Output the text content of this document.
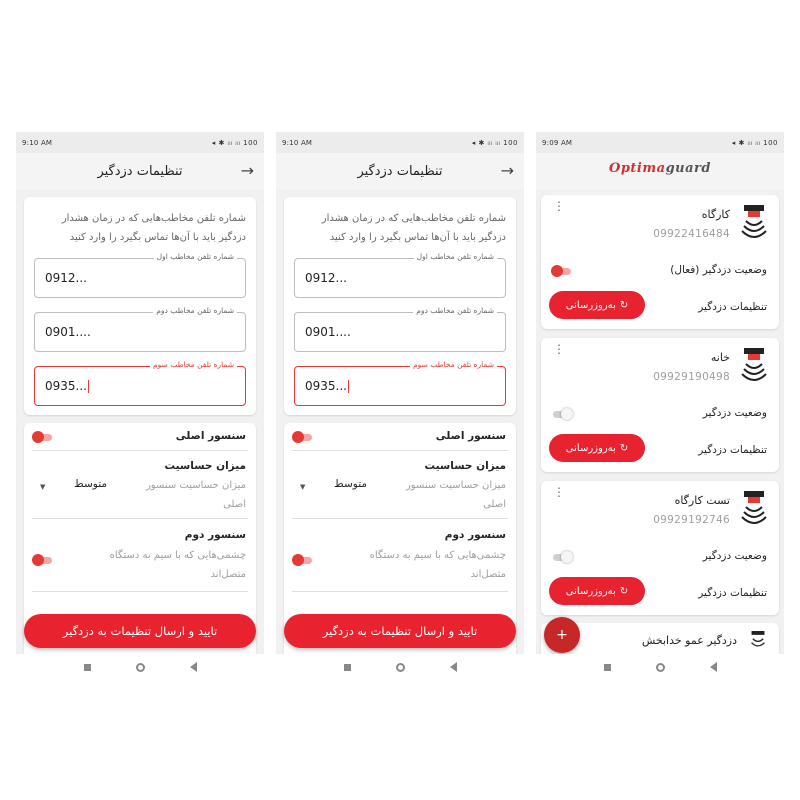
9:10 AM	◂ ✱ ᵢₗₗ ᵢₗₗ 100
تنظیمات دزدگیر	→
شماره تلفن مخاطب‌هایی که در زمان هشدار دزدگیر باید با آن‌ها تماس بگیرد را وارد کنید
شماره تلفن مخاطب اول
0912...
شماره تلفن مخاطب دوم
0901....
شماره تلفن مخاطب سوم
0935...
سنسور اصلی
میزان حساسیت
میزان حساسیت سنسور اصلی
متوسط
▼
سنسور دوم
چشمی‌هایی که با سیم به دستگاه متصل‌اند
تایید و ارسال تنظیمات به دزدگیر
9:10 AM	◂ ✱ ᵢₗₗ ᵢₗₗ 100
تنظیمات دزدگیر	→
شماره تلفن مخاطب‌هایی که در زمان هشدار دزدگیر باید با آن‌ها تماس بگیرد را وارد کنید
شماره تلفن مخاطب اول
0912...
شماره تلفن مخاطب دوم
0901....
شماره تلفن مخاطب سوم
0935...
سنسور اصلی
میزان حساسیت
میزان حساسیت سنسور اصلی
متوسط
▼
سنسور دوم
چشمی‌هایی که با سیم به دستگاه متصل‌اند
تایید و ارسال تنظیمات به دزدگیر
9:09 AM	◂ ✱ ᵢₗₗ ᵢₗₗ 100
Optimaguard
⋮
کارگاه
09922416484
وضعیت دزدگیر (فعال)
تنظیمات دزدگیر
↻
به‌روزرسانی
⋮
خانه
09929190498
وضعیت دزدگیر
تنظیمات دزدگیر
↻
به‌روزرسانی
⋮
تست کارگاه
09929192746
وضعیت دزدگیر
تنظیمات دزدگیر
↻
به‌روزرسانی
دزدگیر عمو خدابخش
+
